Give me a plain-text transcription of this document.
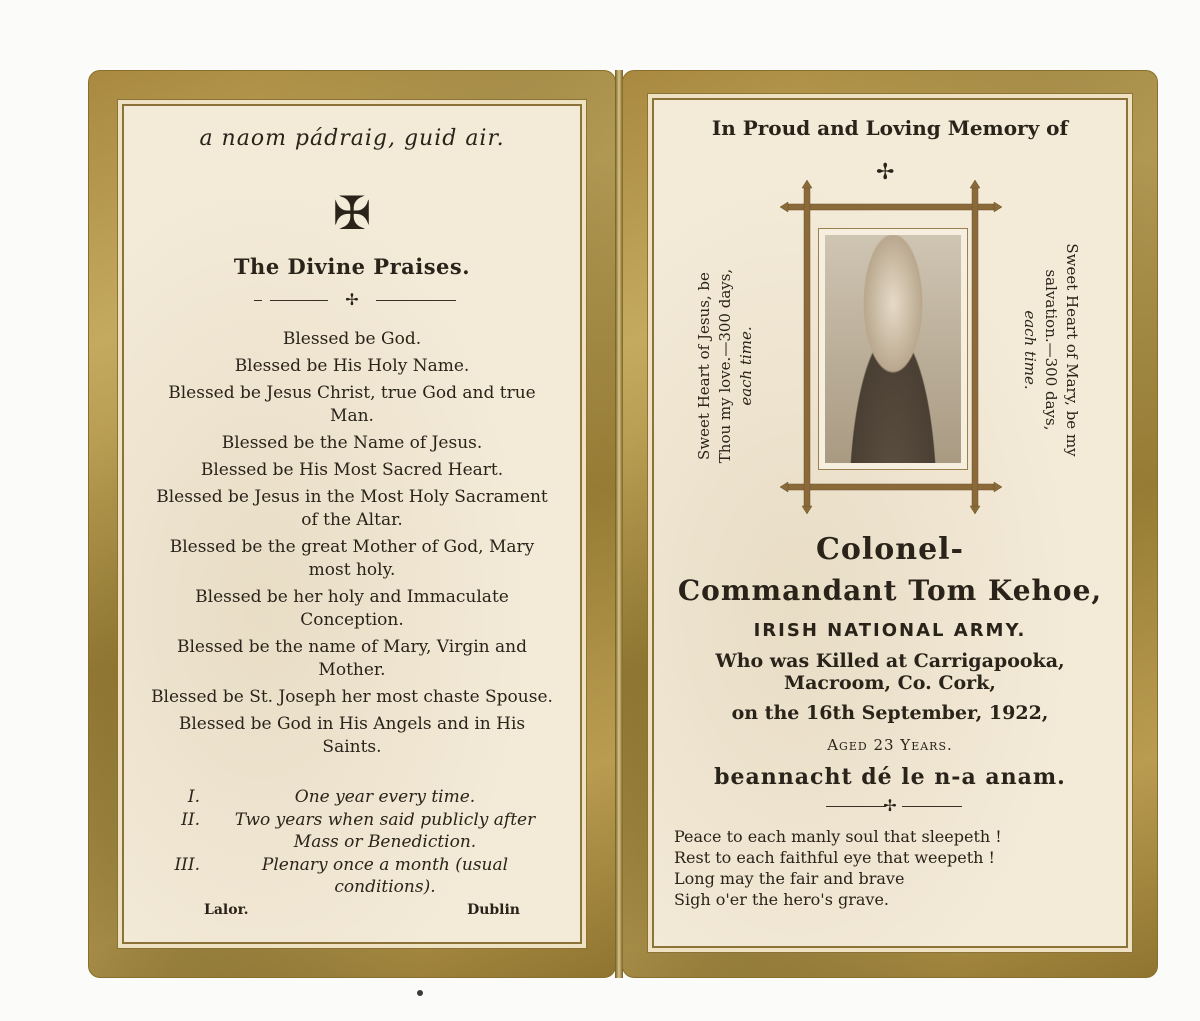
a naom pádraig, guid air.
✠
The Divine Praises.
✢
Blessed be God.
Blessed be His Holy Name.
Blessed be Jesus Christ, true God and true Man.
Blessed be the Name of Jesus.
Blessed be His Most Sacred Heart.
Blessed be Jesus in the Most Holy Sacrament of the Altar.
Blessed be the great Mother of God, Mary most holy.
Blessed be her holy and Immaculate Conception.
Blessed be the name of Mary, Virgin and Mother.
Blessed be St. Joseph her most chaste Spouse.
Blessed be God in His Angels and in His Saints.
I.	One year every time.
II.	Two years when said publicly after Mass or Benediction.
III.	Plenary once a month (usual conditions).
Lalor.	Dublin
In Proud and Loving Memory of
✢
Sweet Heart of Jesus, be Thou my love.—300 days, each time.	Sweet Heart of Mary, be my
salvation.—300 days,
each time.
Colonel-
Commandant Tom Kehoe,
IRISH NATIONAL ARMY.
Who was Killed at Carrigapooka,
Macroom, Co. Cork,
on the 16th September, 1922,
Aged 23 Years.
beannacht dé le n-a anam.
✢
Peace to each manly soul that sleepeth !
Rest to each faithful eye that weepeth !
Long may the fair and brave
Sigh o'er the hero's grave.
